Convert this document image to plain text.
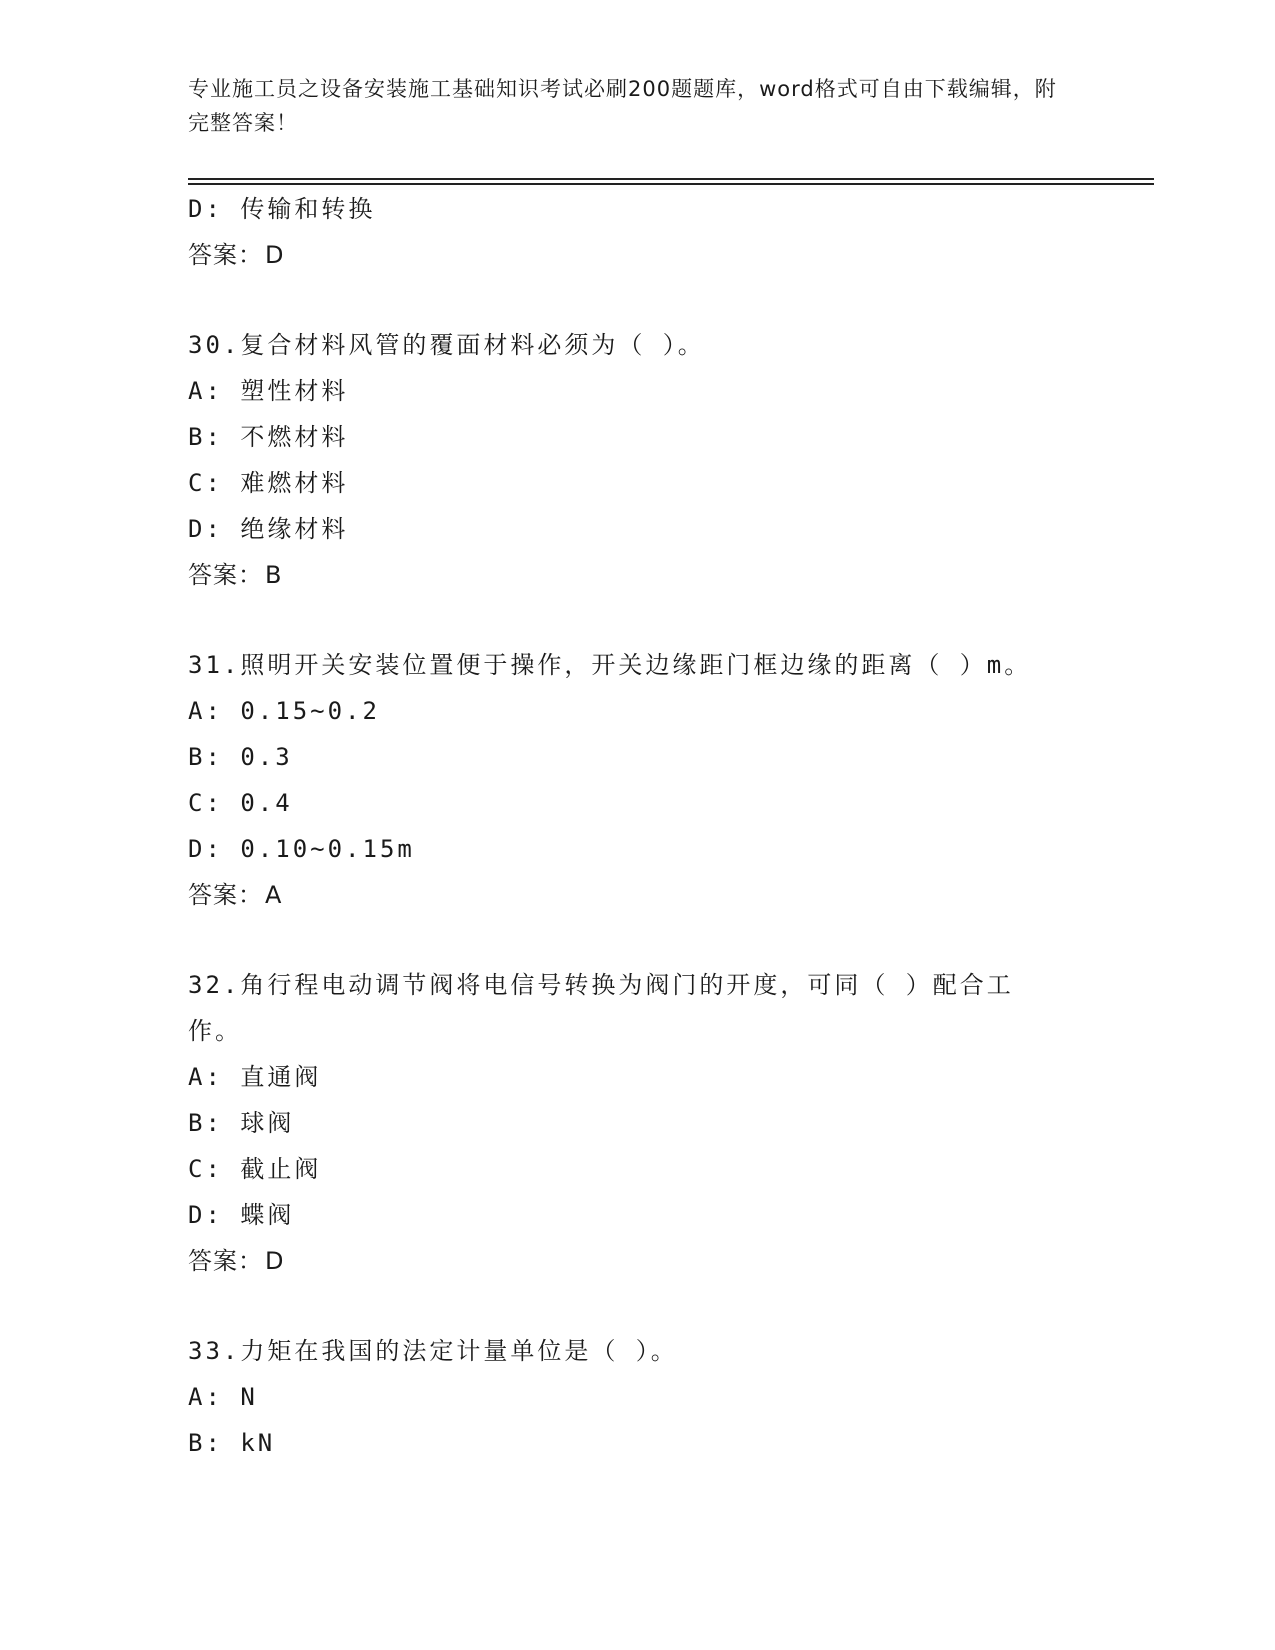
专业施工员之设备安装施工基础知识考试必刷200题题库，word格式可自由下载编辑，附完整答案！
D: 传输和转换
答案：D
30.复合材料风管的覆面材料必须为（ ）。
A: 塑性材料
B: 不燃材料
C: 难燃材料
D: 绝缘材料
答案：B
31.照明开关安装位置便于操作，开关边缘距门框边缘的距离（ ）m。
A: 0.15~0.2
B: 0.3
C: 0.4
D: 0.10~0.15m
答案：A
32.角行程电动调节阀将电信号转换为阀门的开度，可同（ ）配合工作。
A: 直通阀
B: 球阀
C: 截止阀
D: 蝶阀
答案：D
33.力矩在我国的法定计量单位是（ ）。
A: N
B: kN
